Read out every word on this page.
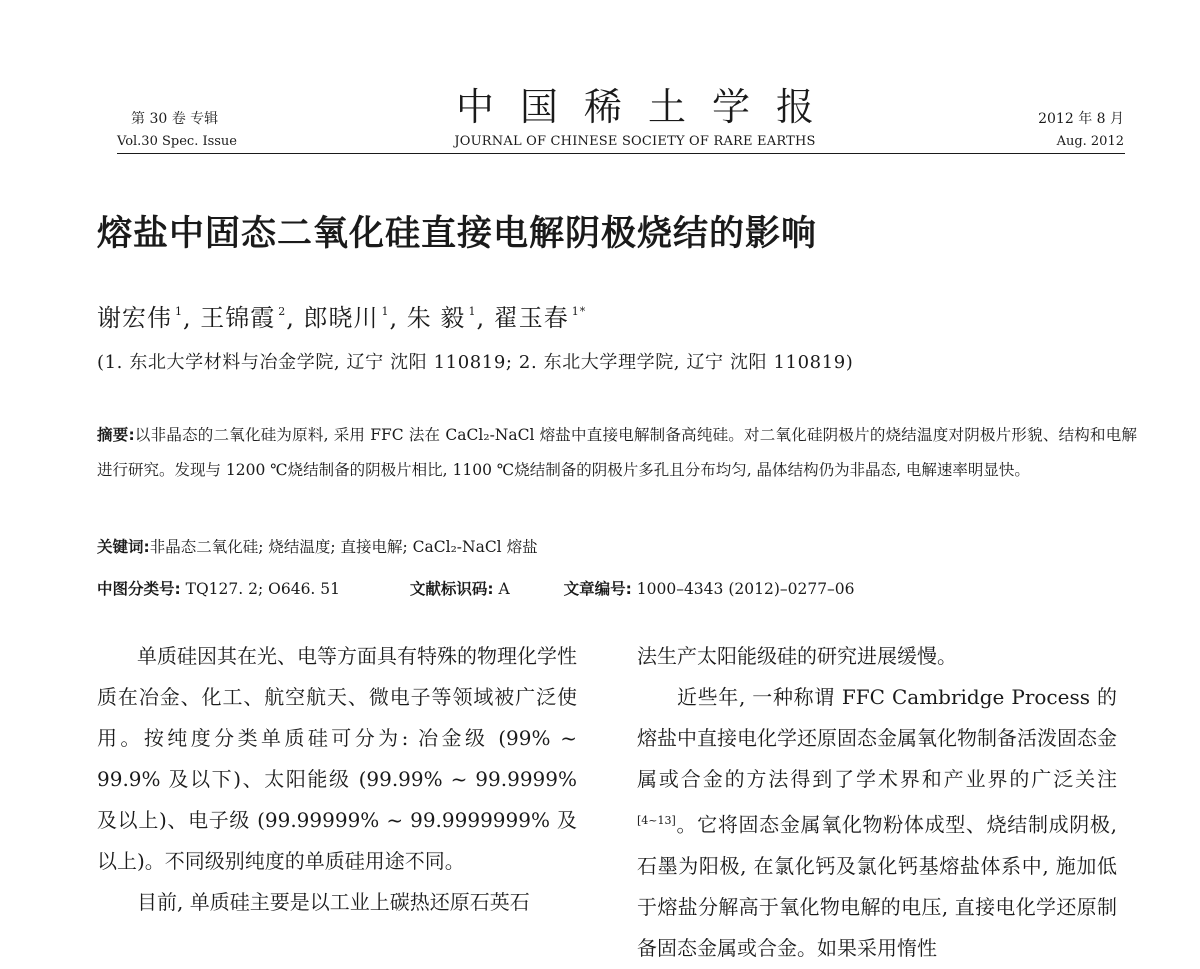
第 30 卷 专辑
Vol.30 Spec. Issue
中国稀土学报
JOURNAL OF CHINESE SOCIETY OF RARE EARTHS
2012 年 8 月
Aug. 2012
熔盐中固态二氧化硅直接电解阴极烧结的影响
谢宏伟 $^1$, 王锦霞 $^2$, 郎晓川 $^1$, 朱 毅 $^1$, 翟玉春 $^{1*}$
(1. 东北大学材料与冶金学院, 辽宁 沈阳 110819; 2. 东北大学理学院, 辽宁 沈阳 110819)
摘要:以非晶态的二氧化硅为原料, 采用 FFC 法在 CaCl₂-NaCl 熔盐中直接电解制备高纯硅。对二氧化硅阴极片的烧结温度对阴极片形貌、结构和电解进行研究。发现与 1200 ℃烧结制备的阴极片相比, 1100 ℃烧结制备的阴极片多孔且分布均匀, 晶体结构仍为非晶态, 电解速率明显快。
关键词:非晶态二氧化硅; 烧结温度; 直接电解; CaCl₂-NaCl 熔盐
中图分类号: TQ127. 2; O646. 51	文献标识码: A	文章编号: 1000–4343 (2012)–0277–06

单质硅因其在光、电等方面具有特殊的物理化学性质在冶金、化工、航空航天、微电子等领域被广泛使用。按纯度分类单质硅可分为: 冶金级 (99% ~ 99.9% 及以下)、太阳能级 (99.99% ~ 99.9999% 及以上)、电子级 (99.99999% ~ 99.9999999% 及以上)。不同级别纯度的单质硅用途不同。

目前, 单质硅主要是以工业上碳热还原石英石

法生产太阳能级硅的研究进展缓慢。

近些年, 一种称谓 FFC Cambridge Process 的熔盐中直接电化学还原固态金属氧化物制备活泼固态金属或合金的方法得到了学术界和产业界的广泛关注[4~13]。它将固态金属氧化物粉体成型、烧结制成阴极, 石墨为阳极, 在氯化钙及氯化钙基熔盐体系中, 施加低于熔盐分解高于氧化物电解的电压, 直接电化学还原制备固态金属或合金。如果采用惰性
